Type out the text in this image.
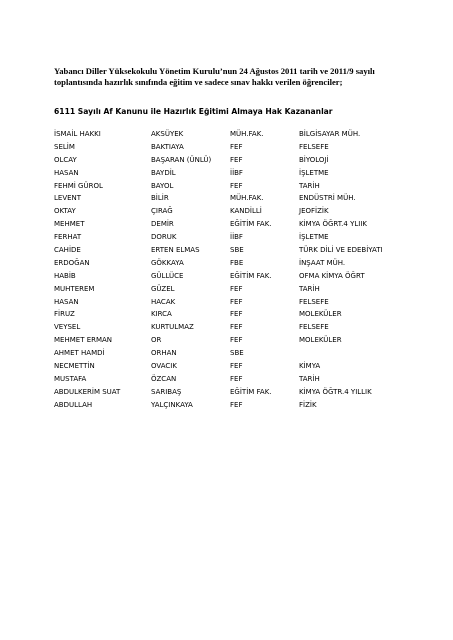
Yabancı Diller Yüksekokulu Yönetim Kurulu’nun 24 Ağustos 2011 tarih ve 2011/9 sayılı
toplantısında hazırlık sınıfında eğitim ve sadece sınav hakkı verilen öğrenciler;
6111 Sayılı Af Kanunu ile Hazırlık Eğitimi Almaya Hak Kazananlar
İSMAİL HAKKI	AKSÜYEK	MÜH.FAK.	BİLGİSAYAR MÜH.
SELİM	BAKTIAYA	FEF	FELSEFE
OLCAY	BAŞARAN (ÜNLÜ)	FEF	BİYOLOJİ
HASAN	BAYDİL	İİBF	İŞLETME
FEHMİ GÜROL	BAYOL	FEF	TARİH
LEVENT	BİLİR	MÜH.FAK.	ENDÜSTRİ MÜH.
OKTAY	ÇIRAĞ	KANDİLLİ	JEOFİZİK
MEHMET	DEMİR	EĞİTİM FAK.	KİMYA ÖĞRT.4 YLIIK
FERHAT	DORUK	İİBF	İŞLETME
CAHİDE	ERTEN ELMAS	SBE	TÜRK DİLİ VE EDEBİYATI
ERDOĞAN	GÖKKAYA	FBE	İNŞAAT MÜH.
HABİB	GÜLLÜCE	EĞİTİM FAK.	OFMA KİMYA ÖĞRT
MUHTEREM	GÜZEL	FEF	TARİH
HASAN	HACAK	FEF	FELSEFE
FİRUZ	KIRCA	FEF	MOLEKÜLER
VEYSEL	KURTULMAZ	FEF	FELSEFE
MEHMET ERMAN	OR	FEF	MOLEKÜLER
AHMET HAMDİ	ORHAN	SBE
NECMETTİN	OVACIK	FEF	KİMYA
MUSTAFA	ÖZCAN	FEF	TARİH
ABDULKERİM SUAT	SARIBAŞ	EĞİTİM FAK.	KİMYA ÖĞTR.4 YILLIK
ABDULLAH	YALÇINKAYA	FEF	FİZİK
